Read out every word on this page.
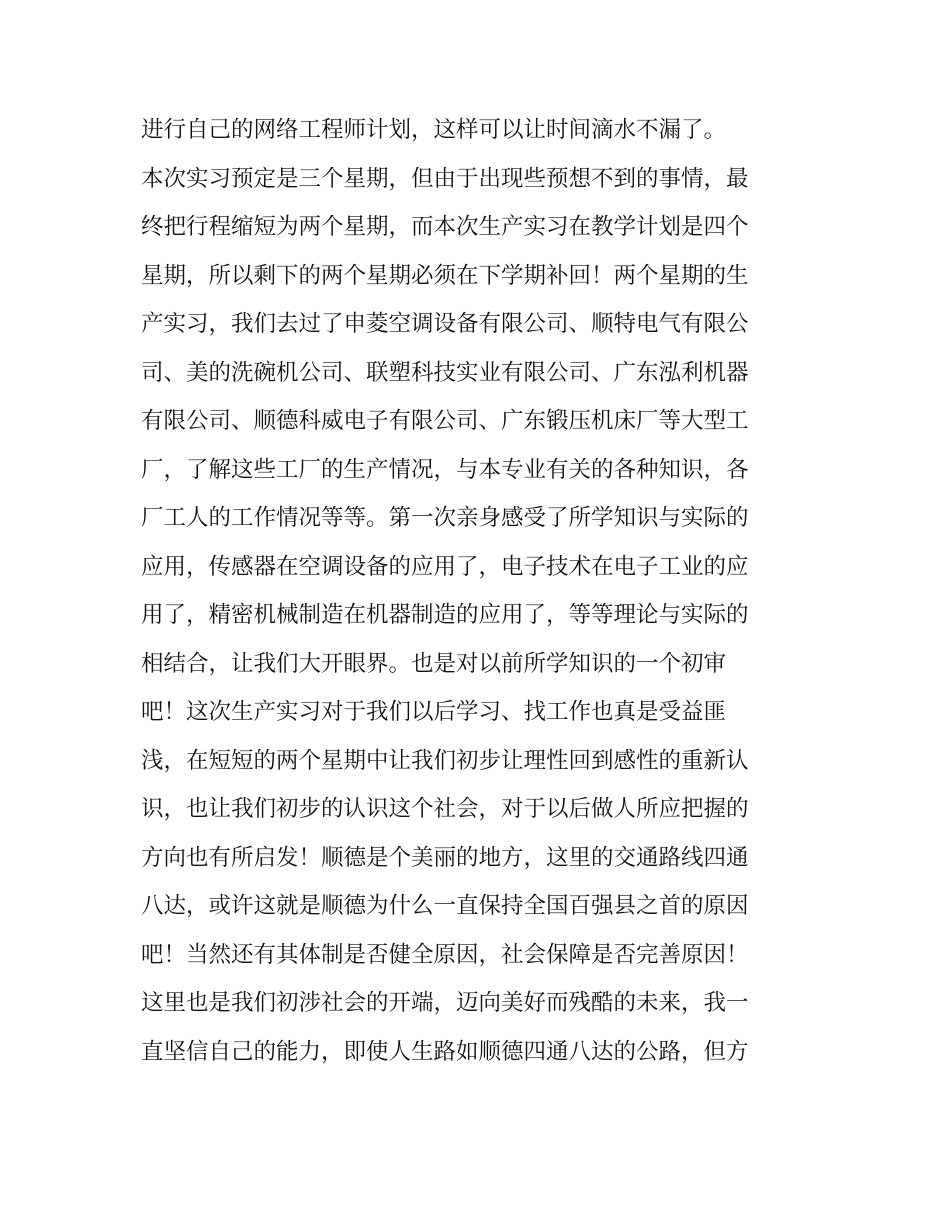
进行自己的网络工程师计划，这样可以让时间滴水不漏了。
本次实习预定是三个星期，但由于出现些预想不到的事情，最
终把行程缩短为两个星期，而本次生产实习在教学计划是四个
星期，所以剩下的两个星期必须在下学期补回！两个星期的生
产实习，我们去过了申菱空调设备有限公司、顺特电气有限公
司、美的洗碗机公司、联塑科技实业有限公司、广东泓利机器
有限公司、顺德科威电子有限公司、广东锻压机床厂等大型工
厂，了解这些工厂的生产情况，与本专业有关的各种知识，各
厂工人的工作情况等等。第一次亲身感受了所学知识与实际的
应用，传感器在空调设备的应用了，电子技术在电子工业的应
用了，精密机械制造在机器制造的应用了，等等理论与实际的
相结合，让我们大开眼界。也是对以前所学知识的一个初审
吧！这次生产实习对于我们以后学习、找工作也真是受益匪
浅，在短短的两个星期中让我们初步让理性回到感性的重新认
识，也让我们初步的认识这个社会，对于以后做人所应把握的
方向也有所启发！顺德是个美丽的地方，这里的交通路线四通
八达，或许这就是顺德为什么一直保持全国百强县之首的原因
吧！当然还有其体制是否健全原因，社会保障是否完善原因！
这里也是我们初涉社会的开端，迈向美好而残酷的未来，我一
直坚信自己的能力，即使人生路如顺德四通八达的公路，但方
